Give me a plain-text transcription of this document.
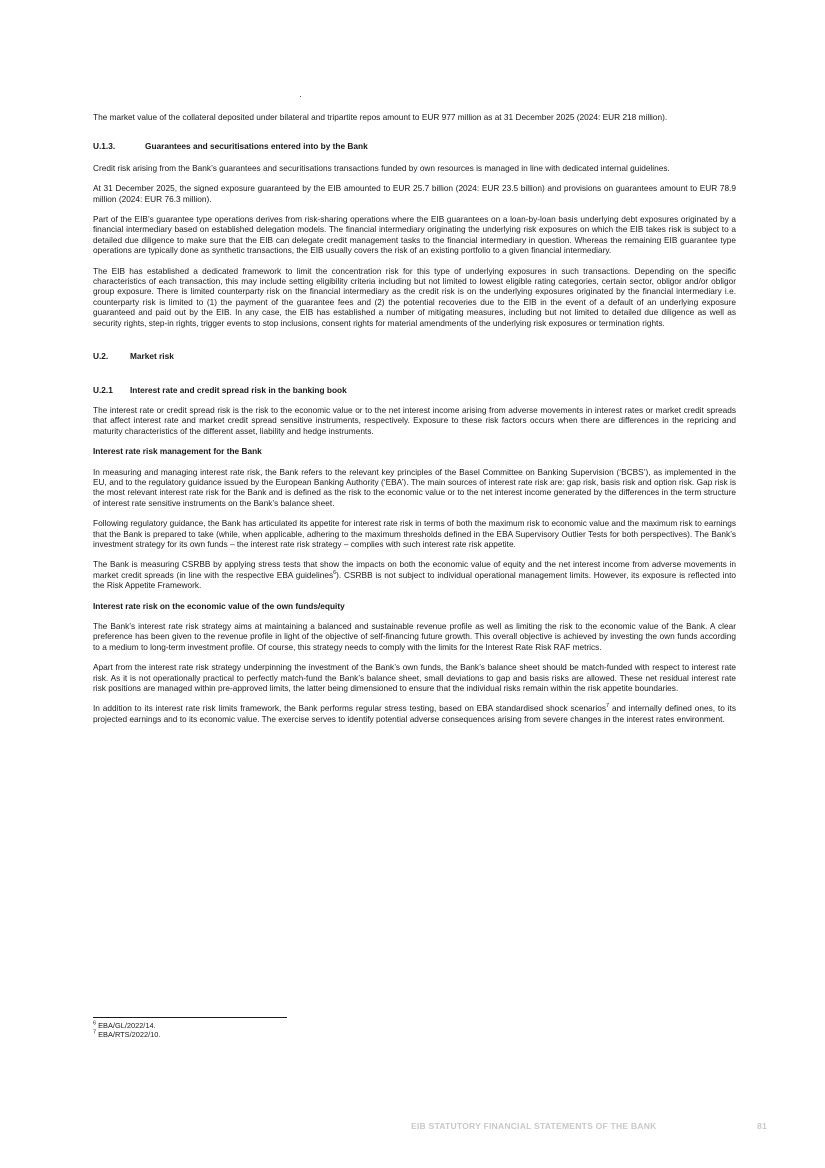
The market value of the collateral deposited under bilateral and tripartite repos amount to EUR 977 million as at 31 December 2025 (2024: EUR 218 million).

U.1.3.	Guarantees and securitisations entered into by the Bank

Credit risk arising from the Bank’s guarantees and securitisations transactions funded by own resources is managed in line with dedicated internal guidelines.

At 31 December 2025, the signed exposure guaranteed by the EIB amounted to EUR 25.7 billion (2024: EUR 23.5 billion) and provisions on guarantees amount to EUR 78.9 million (2024: EUR 76.3 million).

Part of the EIB’s guarantee type operations derives from risk-sharing operations where the EIB guarantees on a loan-by-loan basis underlying debt exposures originated by a financial intermediary based on established delegation models. The financial intermediary originating the underlying risk exposures on which the EIB takes risk is subject to a detailed due diligence to make sure that the EIB can delegate credit management tasks to the financial intermediary in question. Whereas the remaining EIB guarantee type operations are typically done as synthetic transactions, the EIB usually covers the risk of an existing portfolio to a given financial intermediary.

The EIB has established a dedicated framework to limit the concentration risk for this type of underlying exposures in such transactions. Depending on the specific characteristics of each transaction, this may include setting eligibility criteria including but not limited to lowest eligible rating categories, certain sector, obligor and/or obligor group exposure. There is limited counterparty risk on the financial intermediary as the credit risk is on the underlying exposures originated by the financial intermediary i.e. counterparty risk is limited to (1) the payment of the guarantee fees and (2) the potential recoveries due to the EIB in the event of a default of an underlying exposure guaranteed and paid out by the EIB. In any case, the EIB has established a number of mitigating measures, including but not limited to detailed due diligence as well as security rights, step-in rights, trigger events to stop inclusions, consent rights for material amendments of the underlying risk exposures or termination rights.

U.2.	Market risk
U.2.1 Interest rate and credit spread risk in the banking book

The interest rate or credit spread risk is the risk to the economic value or to the net interest income arising from adverse movements in interest rates or market credit spreads that affect interest rate and market credit spread sensitive instruments, respectively. Exposure to these risk factors occurs when there are differences in the repricing and maturity characteristics of the different asset, liability and hedge instruments.

Interest rate risk management for the Bank

In measuring and managing interest rate risk, the Bank refers to the relevant key principles of the Basel Committee on Banking Supervision (‘BCBS’), as implemented in the EU, and to the regulatory guidance issued by the European Banking Authority (‘EBA’). The main sources of interest rate risk are: gap risk, basis risk and option risk. Gap risk is the most relevant interest rate risk for the Bank and is defined as the risk to the economic value or to the net interest income generated by the differences in the term structure of interest rate sensitive instruments on the Bank’s balance sheet.

Following regulatory guidance, the Bank has articulated its appetite for interest rate risk in terms of both the maximum risk to economic value and the maximum risk to earnings that the Bank is prepared to take (while, when applicable, adhering to the maximum thresholds defined in the EBA Supervisory Outlier Tests for both perspectives). The Bank’s investment strategy for its own funds – the interest rate risk strategy – complies with such interest rate risk appetite.

The Bank is measuring CSRBB by applying stress tests that show the impacts on both the economic value of equity and the net interest income from adverse movements in market credit spreads (in line with the respective EBA guidelines$^6$). CSRBB is not subject to individual operational management limits. However, its exposure is reflected into the Risk Appetite Framework.

Interest rate risk on the economic value of the own funds/equity

The Bank’s interest rate risk strategy aims at maintaining a balanced and sustainable revenue profile as well as limiting the risk to the economic value of the Bank. A clear preference has been given to the revenue profile in light of the objective of self-financing future growth. This overall objective is achieved by investing the own funds according to a medium to long-term investment profile. Of course, this strategy needs to comply with the limits for the Interest Rate Risk RAF metrics.

Apart from the interest rate risk strategy underpinning the investment of the Bank’s own funds, the Bank’s balance sheet should be match-funded with respect to interest rate risk. As it is not operationally practical to perfectly match-fund the Bank’s balance sheet, small deviations to gap and basis risks are allowed. These net residual interest rate risk positions are managed within pre-approved limits, the latter being dimensioned to ensure that the individual risks remain within the risk appetite boundaries.

In addition to its interest rate risk limits framework, the Bank performs regular stress testing, based on EBA standardised shock scenarios$^7$ and internally defined ones, to its projected earnings and to its economic value. The exercise serves to identify potential adverse consequences arising from severe changes in the interest rates environment.

$^6$ EBA/GL/2022/14.
$^7$ EBA/RTS/2022/10.
EIB STATUTORY FINANCIAL STATEMENTS OF THE BANK	81
